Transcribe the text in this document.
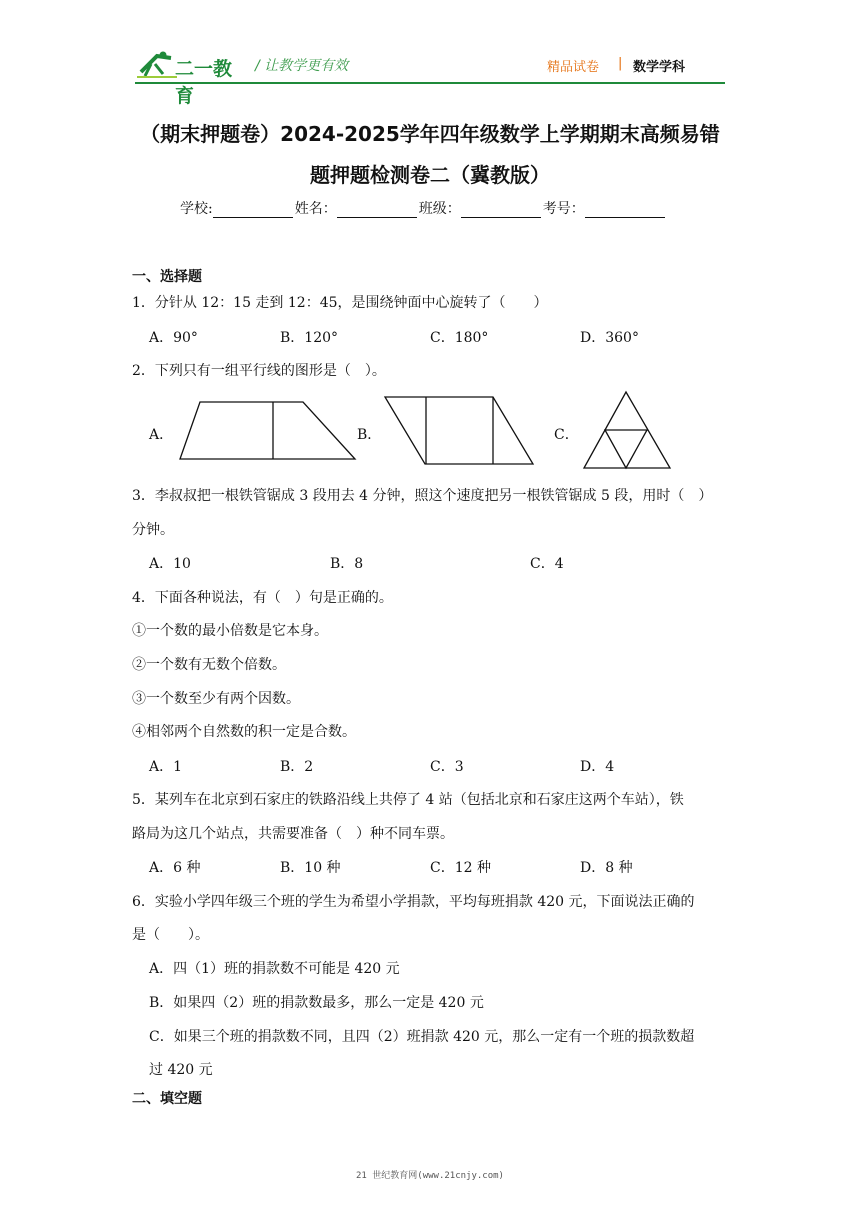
二一教育
/ 让教学更有效	精品试卷 | 数学学科
（期末押题卷）2024-2025学年四年级数学上学期期末高频易错
题押题检测卷二（冀教版）
学校:	姓名：	班级：	考号：
一、选择题
1．分针从 12：15 走到 12：45，是围绕钟面中心旋转了（　　）
A．90°	B．120°	C．180°	D．360°
2．下列只有一组平行线的图形是（　）。
A．	B．	C．
3．李叔叔把一根铁管锯成 3 段用去 4 分钟，照这个速度把另一根铁管锯成 5 段，用时（　）
分钟。
A．10	B．8	C．4
4．下面各种说法，有（　）句是正确的。
①一个数的最小倍数是它本身。
②一个数有无数个倍数。
③一个数至少有两个因数。
④相邻两个自然数的积一定是合数。
A．1	B．2	C．3	D．4
5．某列车在北京到石家庄的铁路沿线上共停了 4 站（包括北京和石家庄这两个车站），铁
路局为这几个站点，共需要准备（　）种不同车票。
A．6 种	B．10 种	C．12 种	D．8 种
6．实验小学四年级三个班的学生为希望小学捐款，平均每班捐款 420 元，下面说法正确的
是（　　）。
A．四（1）班的捐款数不可能是 420 元
B．如果四（2）班的捐款数最多，那么一定是 420 元
C．如果三个班的捐款数不同，且四（2）班捐款 420 元，那么一定有一个班的损款数超
过 420 元
二、填空题
21 世纪教育网(www.21cnjy.com)
